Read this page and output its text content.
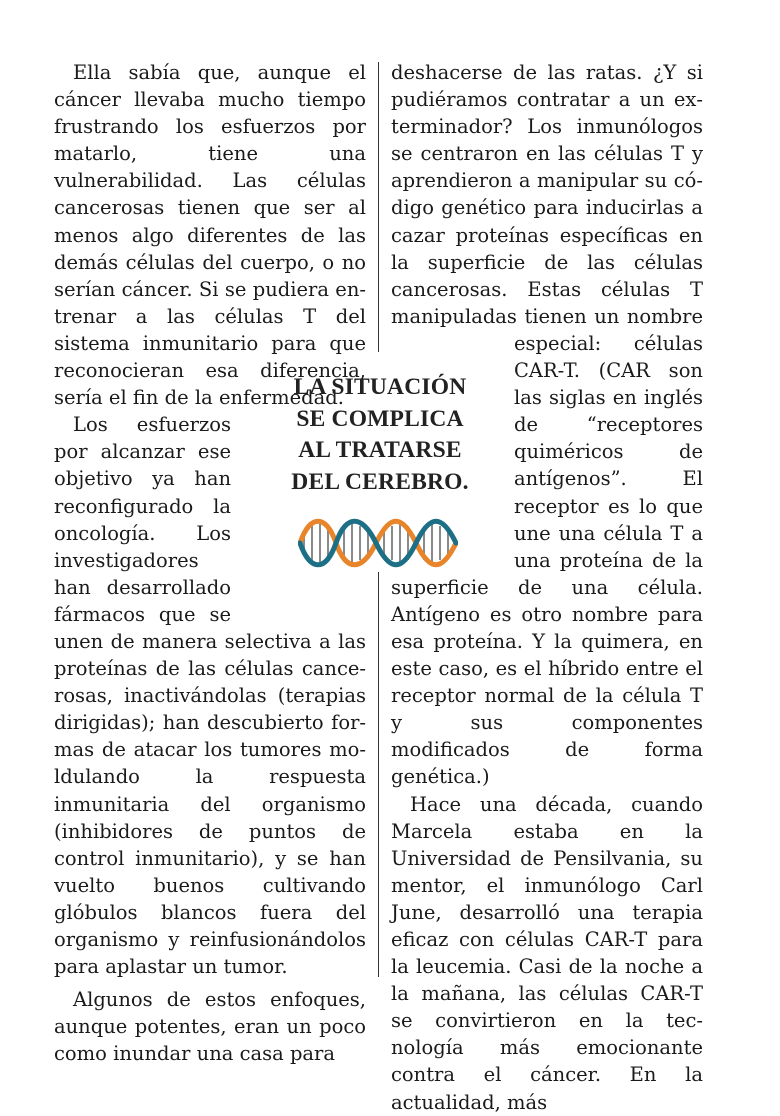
Ella sabía que, aunque el cáncer llevaba mucho tiempo frustrando los esfuerzos por matarlo, tiene una vulnerabilidad. Las células cancerosas tienen que ser al menos algo diferentes de las demás células del cuerpo, o no serían cáncer. Si se pudiera entrenar a las células T del sistema inmunitario para que reconocieran esa diferencia, sería el fin de la enfermedad.

Los esfuerzos por alcanzar ese objetivo ya han reconfigurado la oncología. Los investigadores han desarrollado fármacos que se unen de manera selectiva a las proteínas de las células cancerosas, inactivándolas (terapias dirigidas); han descubierto formas de atacar los tumores moldulando la respuesta inmunitaria del organismo (inhibidores de puntos de control inmunitario), y se han vuelto buenos cultivando glóbulos blancos fuera del organismo y reinfusionándolos para aplastar un tumor.

Algunos de estos enfoques, aunque potentes, eran un poco como inundar una casa para

deshacerse de las ratas. ¿Y si pudiéramos contratar a un exterminador? Los inmunólogos se centraron en las células T y aprendieron a manipular su código genético para inducirlas a cazar proteínas específicas en la superficie de las células cancerosas. Estas células T manipuladas tienen un nombre especial: células CAR-T. (CAR son las siglas en inglés de “receptores quiméricos de antígenos”. El receptor es lo que une una célula T a una proteína de la superficie de una célula. Antígeno es otro nombre para esa proteína. Y la quimera, en este caso, es el híbrido entre el receptor normal de la célula T y sus componentes modificados de forma genética.)

Hace una década, cuando Marcela estaba en la Universidad de Pensilvania, su mentor, el inmunólogo Carl June, desarrolló una terapia eficaz con células CAR-T para la leucemia. Casi de la noche a la mañana, las células CAR-T se convirtieron en la tecnología más emocionante contra el cáncer. En la actualidad, más

LA SITUACIÓN
SE COMPLICA
AL TRATARSE
DEL CEREBRO.
